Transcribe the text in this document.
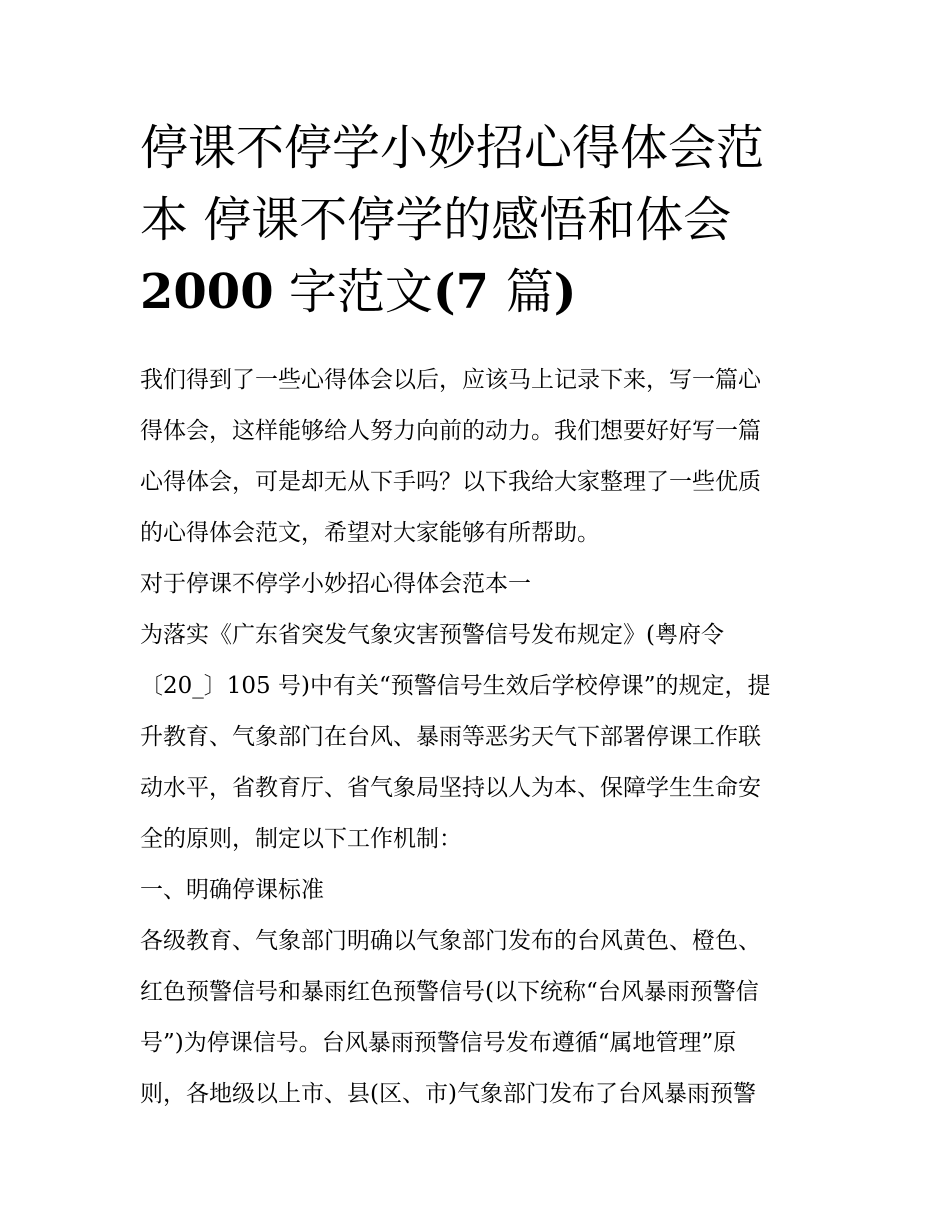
停课不停学小妙招心得体会范
本 停课不停学的感悟和体会
2000 字范文(7 篇)
我们得到了一些心得体会以后，应该马上记录下来，写一篇心
得体会，这样能够给人努力向前的动力。我们想要好好写一篇
心得体会，可是却无从下手吗？以下我给大家整理了一些优质
的心得体会范文，希望对大家能够有所帮助。
对于停课不停学小妙招心得体会范本一
为落实《广东省突发气象灾害预警信号发布规定》(粤府令
〔20_〕105 号)中有关“预警信号生效后学校停课”的规定，提
升教育、气象部门在台风、暴雨等恶劣天气下部署停课工作联
动水平，省教育厅、省气象局坚持以人为本、保障学生生命安
全的原则，制定以下工作机制：
一、明确停课标准
各级教育、气象部门明确以气象部门发布的台风黄色、橙色、
红色预警信号和暴雨红色预警信号(以下统称“台风暴雨预警信
号”)为停课信号。台风暴雨预警信号发布遵循“属地管理”原
则，各地级以上市、县(区、市)气象部门发布了台风暴雨预警
